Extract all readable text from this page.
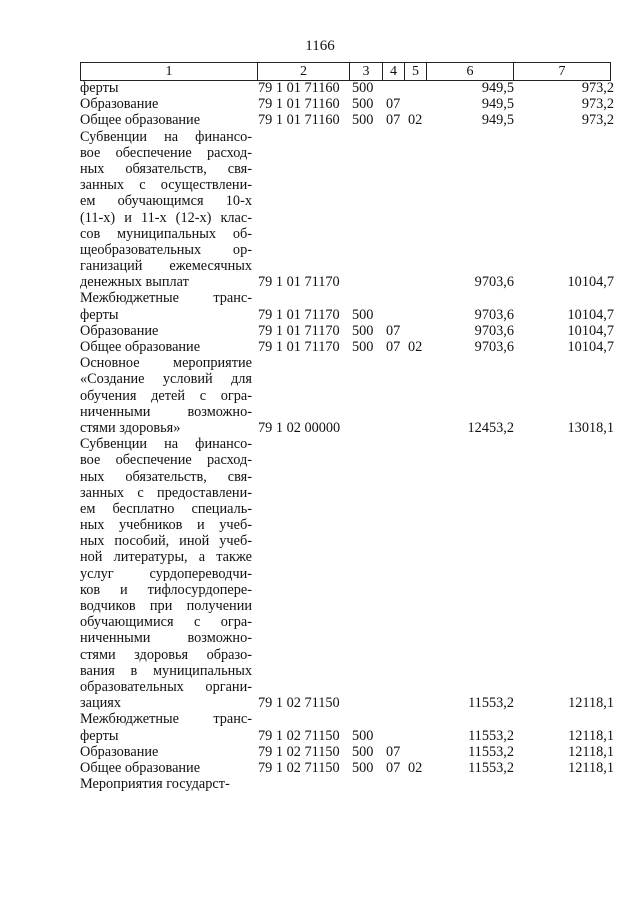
1166
1	2	3	4	5	6	7
ферты	79 1 01 71160 500	949,5	973,2
Образование	79 1 01 71160 500 07	949,5	973,2
Общее образование	79 1 01 71160 500 07 02	949,5	973,2
Субвенции на финансо-
вое обеспечение расход-
ных обязательств, свя-
занных с осуществлени-
ем обучающимся 10-х
(11-х) и 11-х (12-х) клас-
сов муниципальных об-
щеобразовательных ор-
ганизаций ежемесячных
денежных выплат	79 1 01 71170	9703,6	10104,7
Межбюджетные транс-
ферты	79 1 01 71170 500	9703,6	10104,7
Образование	79 1 01 71170 500 07	9703,6	10104,7
Общее образование	79 1 01 71170 500 07 02	9703,6	10104,7
Основное мероприятие
«Создание условий для
обучения детей с огра-
ниченными возможно-
стями здоровья»	79 1 02 00000	12453,2	13018,1
Субвенции на финансо-
вое обеспечение расход-
ных обязательств, свя-
занных с предоставлени-
ем бесплатно специаль-
ных учебников и учеб-
ных пособий, иной учеб-
ной литературы, а также
услуг сурдопереводчи-
ков и тифлосурдопере-
водчиков при получении
обучающимися с огра-
ниченными возможно-
стями здоровья образо-
вания в муниципальных
образовательных органи-
зациях	79 1 02 71150	11553,2	12118,1
Межбюджетные транс-
ферты	79 1 02 71150 500	11553,2	12118,1
Образование	79 1 02 71150 500 07	11553,2	12118,1
Общее образование	79 1 02 71150 500 07 02	11553,2	12118,1
Мероприятия государст-
